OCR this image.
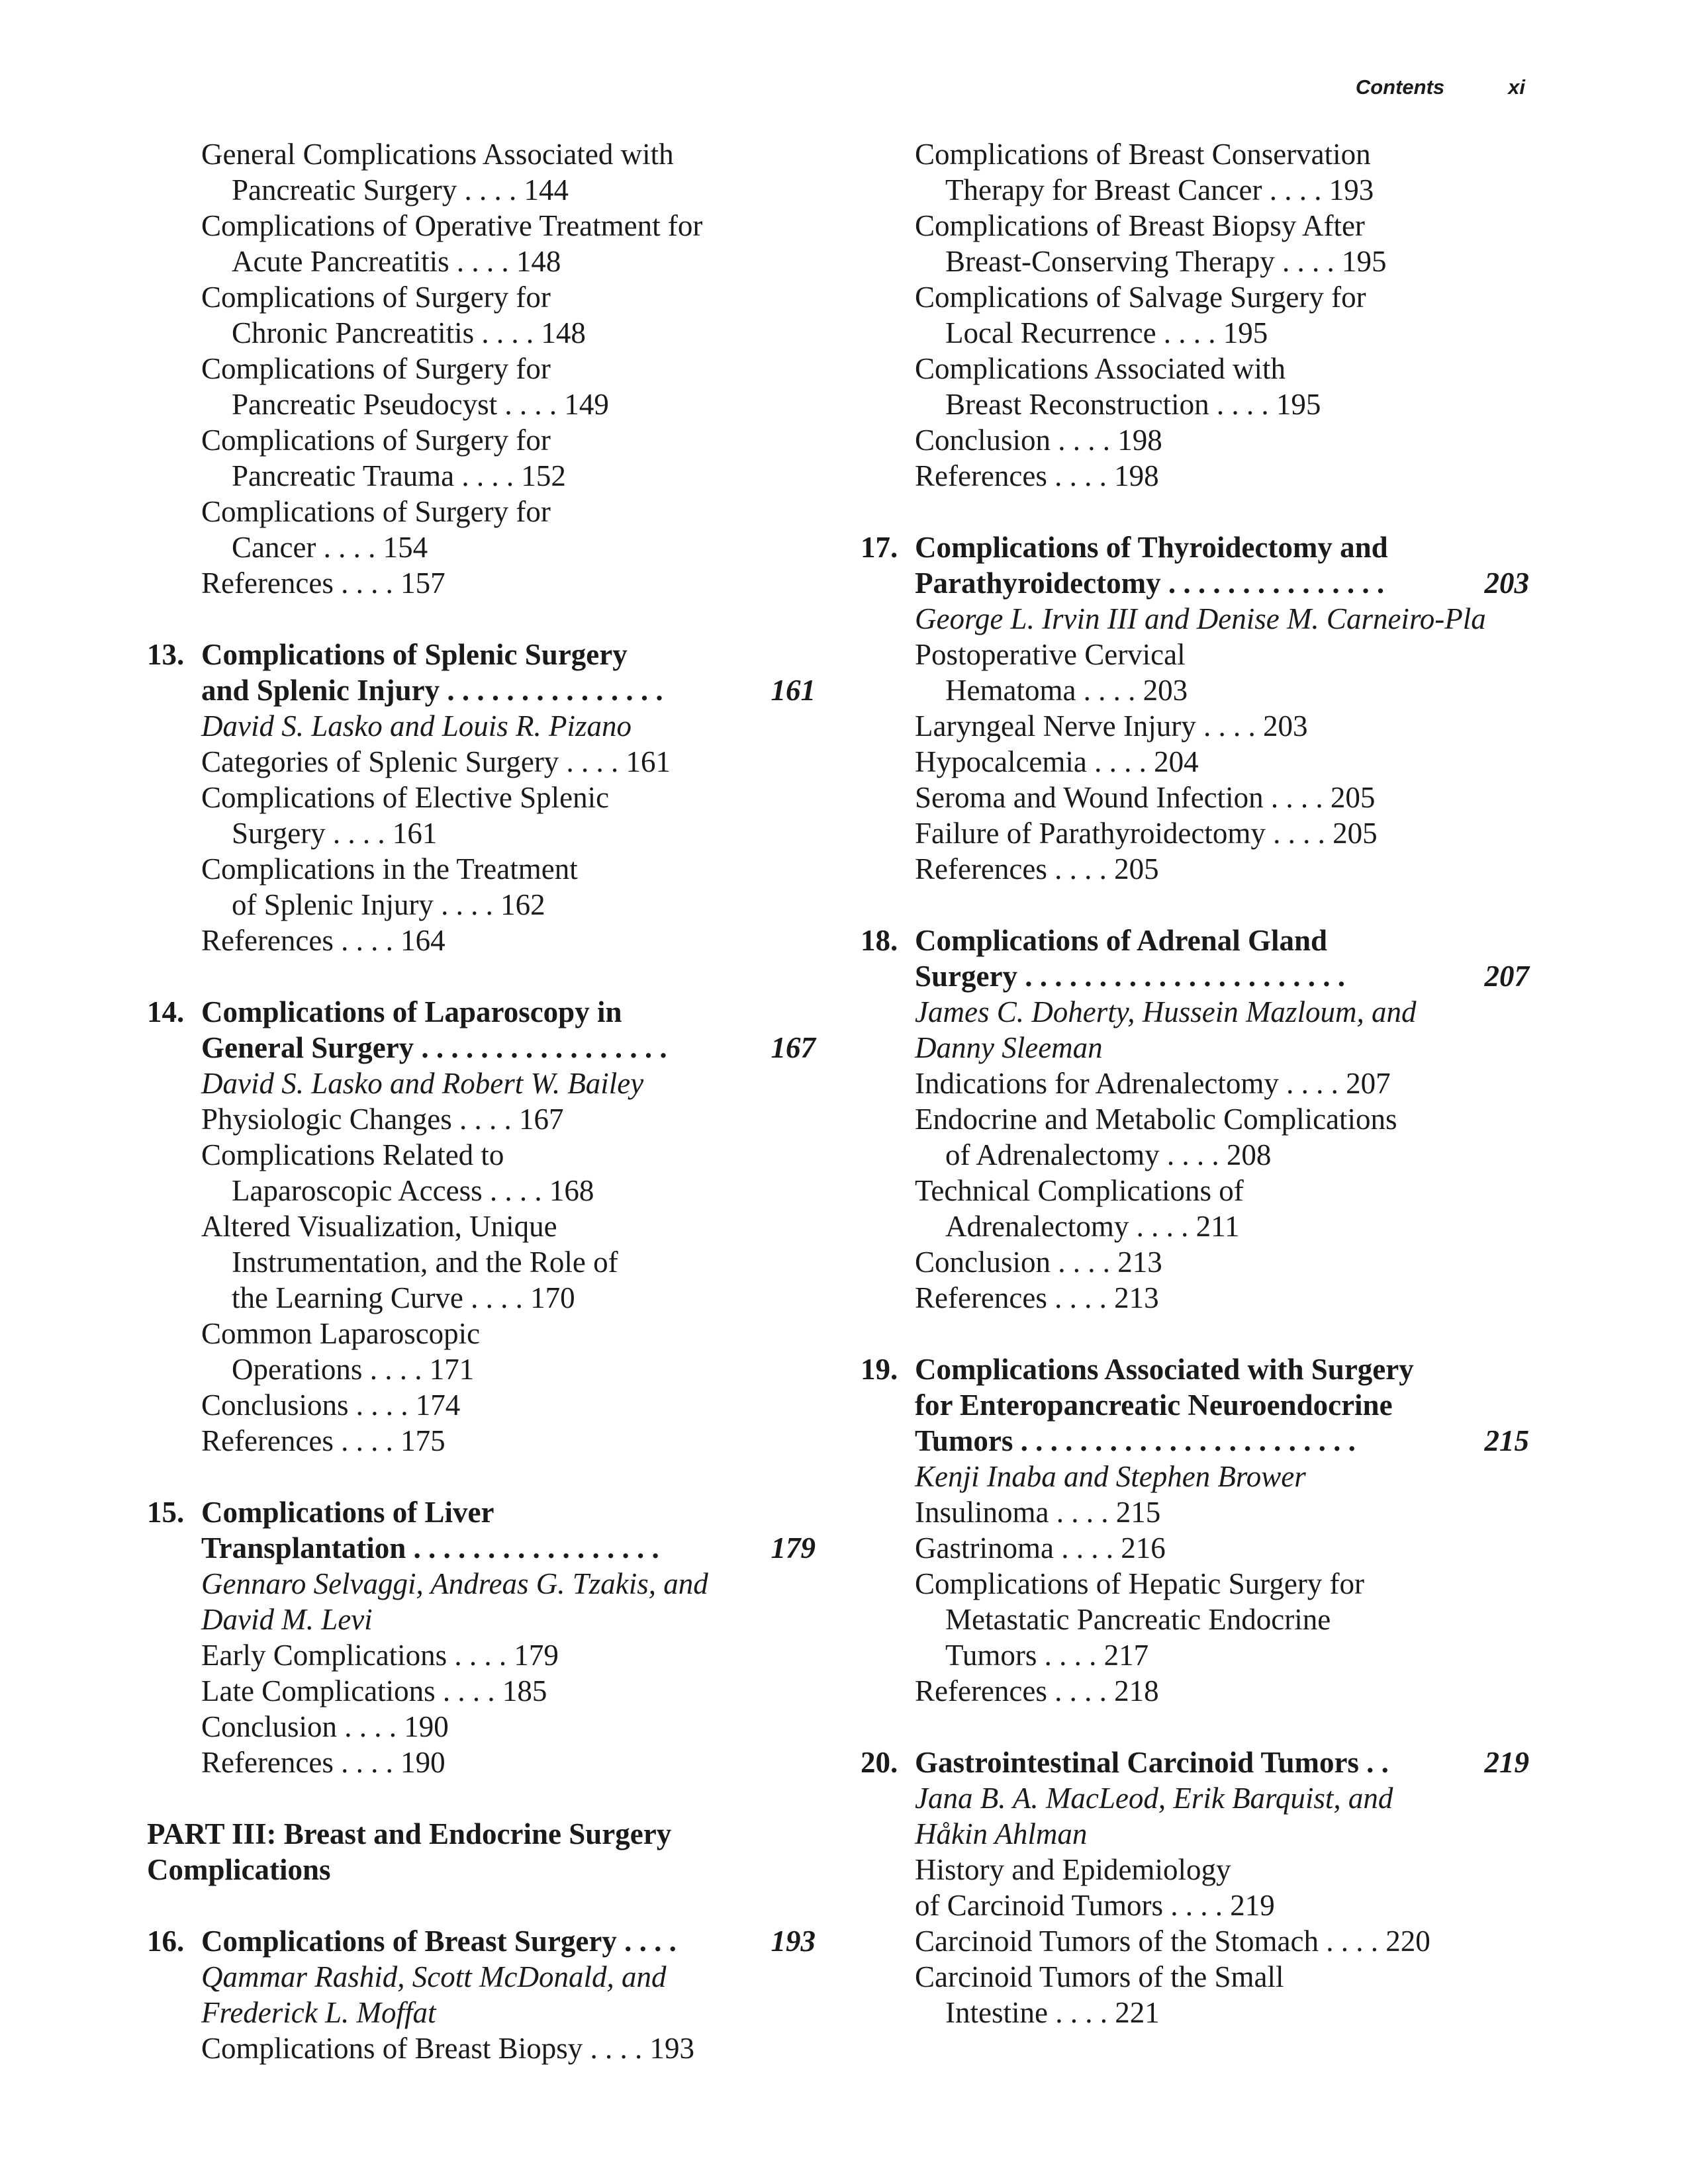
Contents	xi
General Complications Associated with
Pancreatic Surgery . . . . 144
Complications of Operative Treatment for
Acute Pancreatitis . . . . 148
Complications of Surgery for
Chronic Pancreatitis . . . . 148
Complications of Surgery for
Pancreatic Pseudocyst . . . . 149
Complications of Surgery for
Pancreatic Trauma . . . . 152
Complications of Surgery for
Cancer . . . . 154
References . . . . 157
13. Complications of Splenic Surgery
and Splenic Injury . . . . . . . . . . . . . . .	161
David S. Lasko and Louis R. Pizano
Categories of Splenic Surgery . . . . 161
Complications of Elective Splenic
Surgery . . . . 161
Complications in the Treatment
of Splenic Injury . . . . 162
References . . . . 164
14. Complications of Laparoscopy in
General Surgery . . . . . . . . . . . . . . . . .	167
David S. Lasko and Robert W. Bailey
Physiologic Changes . . . . 167
Complications Related to
Laparoscopic Access . . . . 168
Altered Visualization, Unique
Instrumentation, and the Role of
the Learning Curve . . . . 170
Common Laparoscopic
Operations . . . . 171
Conclusions . . . . 174
References . . . . 175
15. Complications of Liver
Transplantation . . . . . . . . . . . . . . . . .	179
Gennaro Selvaggi, Andreas G. Tzakis, and
David M. Levi
Early Complications . . . . 179
Late Complications . . . . 185
Conclusion . . . . 190
References . . . . 190
PART III: Breast and Endocrine Surgery
Complications
16. Complications of Breast Surgery . . . .	193
Qammar Rashid, Scott McDonald, and
Frederick L. Moffat
Complications of Breast Biopsy . . . . 193
Complications of Breast Conservation
Therapy for Breast Cancer . . . . 193
Complications of Breast Biopsy After
Breast-Conserving Therapy . . . . 195
Complications of Salvage Surgery for
Local Recurrence . . . . 195
Complications Associated with
Breast Reconstruction . . . . 195
Conclusion . . . . 198
References . . . . 198
17. Complications of Thyroidectomy and
Parathyroidectomy . . . . . . . . . . . . . . .	203
George L. Irvin III and Denise M. Carneiro-Pla
Postoperative Cervical
Hematoma . . . . 203
Laryngeal Nerve Injury . . . . 203
Hypocalcemia . . . . 204
Seroma and Wound Infection . . . . 205
Failure of Parathyroidectomy . . . . 205
References . . . . 205
18. Complications of Adrenal Gland
Surgery . . . . . . . . . . . . . . . . . . . . . .	207
James C. Doherty, Hussein Mazloum, and
Danny Sleeman
Indications for Adrenalectomy . . . . 207
Endocrine and Metabolic Complications
of Adrenalectomy . . . . 208
Technical Complications of
Adrenalectomy . . . . 211
Conclusion . . . . 213
References . . . . 213
19. Complications Associated with Surgery
for Enteropancreatic Neuroendocrine
Tumors . . . . . . . . . . . . . . . . . . . . . . .	215
Kenji Inaba and Stephen Brower
Insulinoma . . . . 215
Gastrinoma . . . . 216
Complications of Hepatic Surgery for
Metastatic Pancreatic Endocrine
Tumors . . . . 217
References . . . . 218
20. Gastrointestinal Carcinoid Tumors . .	219
Jana B. A. MacLeod, Erik Barquist, and
Håkin Ahlman
History and Epidemiology
of Carcinoid Tumors . . . . 219
Carcinoid Tumors of the Stomach . . . . 220
Carcinoid Tumors of the Small
Intestine . . . . 221
